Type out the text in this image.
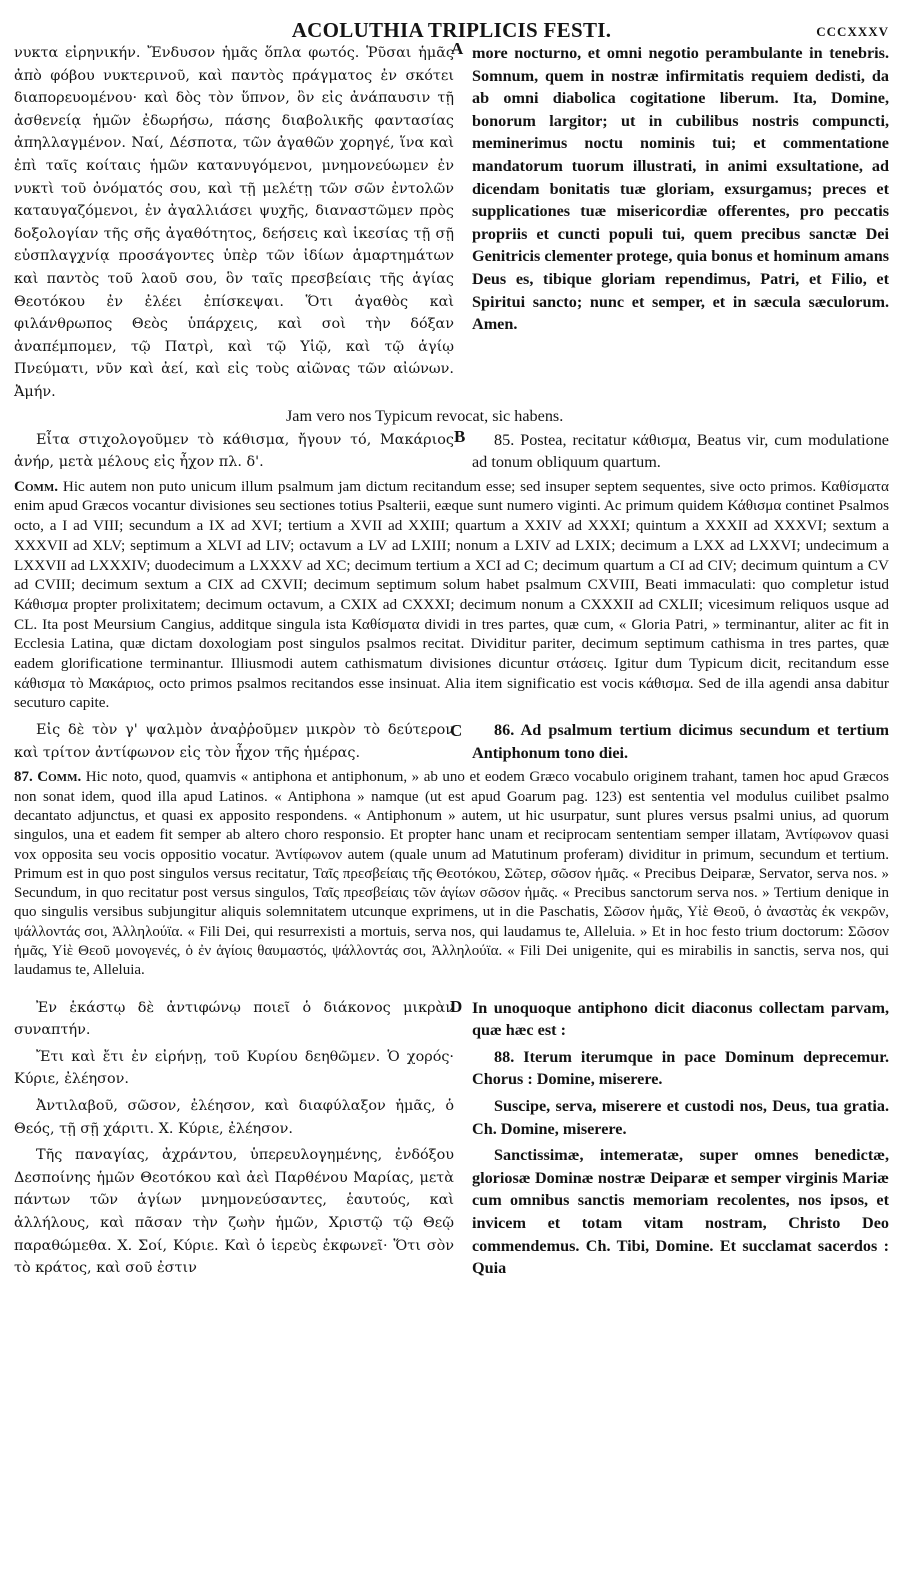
ACOLUTHIA TRIPLICIS FESTI.	CCCXXXV

νυκτα εἰρηνικήν. Ἔνδυσον ἡμᾶς ὅπλα φωτός. Ῥῦσαι ἡμᾶς ἀπὸ φόβου νυκτερινοῦ, καὶ παντὸς πράγματος ἐν σκότει διαπορευομένου· καὶ δὸς τὸν ὕπνον, ὃν εἰς ἀνάπαυσιν τῇ ἀσθενείᾳ ἡμῶν ἐδωρήσω, πάσης διαβολικῆς φαντασίας ἀπηλλαγμένον. Ναί, Δέσποτα, τῶν ἀγαθῶν χορηγέ, ἵνα καὶ ἐπὶ ταῖς κοίταις ἡμῶν κατανυγόμενοι, μνημονεύωμεν ἐν νυκτὶ τοῦ ὀνόματός σου, καὶ τῇ μελέτῃ τῶν σῶν ἐντολῶν καταυγαζόμενοι, ἐν ἀγαλλιάσει ψυχῆς, διαναστῶμεν πρὸς δοξολογίαν τῆς σῆς ἀγαθότητος, δεήσεις καὶ ἱκεσίας τῇ σῇ εὐσπλαγχνίᾳ προσάγοντες ὑπὲρ τῶν ἰδίων ἁμαρτημάτων καὶ παντὸς τοῦ λαοῦ σου, ὃν ταῖς πρεσβείαις τῆς ἁγίας Θεοτόκου ἐν ἐλέει ἐπίσκεψαι. Ὅτι ἀγαθὸς καὶ φιλάνθρωπος Θεὸς ὑπάρχεις, καὶ σοὶ τὴν δόξαν ἀναπέμπομεν, τῷ Πατρὶ, καὶ τῷ Υἱῷ, καὶ τῷ ἁγίῳ Πνεύματι, νῦν καὶ ἀεί, καὶ εἰς τοὺς αἰῶνας τῶν αἰώνων. Ἀμήν.

more nocturno, et omni negotio perambulante in tenebris. Somnum, quem in nostræ infirmitatis requiem dedisti, da ab omni diabolica cogitatione liberum. Ita, Domine, bonorum largitor; ut in cubilibus nostris compuncti, meminerimus noctu nominis tui; et commentatione mandatorum tuorum illustrati, in animi exsultatione, ad dicendam bonitatis tuæ gloriam, exsurgamus; preces et supplicationes tuæ misericordiæ offerentes, pro peccatis propriis et cuncti populi tui, quem precibus sanctæ Dei Genitricis clementer protege, quia bonus et hominum amans Deus es, tibique gloriam rependimus, Patri, et Filio, et Spiritui sancto; nunc et semper, et in sæcula sæculorum. Amen.

A
B
Jam vero nos Typicum revocat, sic habens.

Εἶτα στιχολογοῦμεν τὸ κάθισμα, ἤγουν τό, Μακάριος ἀνήρ, μετὰ μέλους εἰς ἦχον πλ. δ'.

85. Postea, recitatur κάθισμα, Beatus vir, cum modulatione ad tonum obliquum quartum.

Comm. Hic autem non puto unicum illum psalmum jam dictum recitandum esse; sed insuper septem sequentes, sive octo primos. Καθίσματα enim apud Græcos vocantur divisiones seu sectiones totius Psalterii, eæque sunt numero viginti. Ac primum quidem Κάθισμα continet Psalmos octo, a I ad VIII; secundum a IX ad XVI; tertium a XVII ad XXIII; quartum a XXIV ad XXXI; quintum a XXXII ad XXXVI; sextum a XXXVII ad XLV; septimum a XLVI ad LIV; octavum a LV ad LXIII; nonum a LXIV ad LXIX; decimum a LXX ad LXXVI; undecimum a LXXVII ad LXXXIV; duodecimum a LXXXV ad XC; decimum tertium a XCI ad C; decimum quartum a CI ad CIV; decimum quintum a CV ad CVIII; decimum sextum a CIX ad CXVII; decimum septimum solum habet psalmum CXVIII, Beati immaculati: quo completur istud Κάθισμα propter prolixitatem; decimum octavum, a CXIX ad CXXXI; decimum nonum a CXXXII ad CXLII; vicesimum reliquos usque ad CL. Ita post Meursium Cangius, additque singula ista Καθίσματα dividi in tres partes, quæ cum, « Gloria Patri, » terminantur, aliter ac fit in Ecclesia Latina, quæ dictam doxologiam post singulos psalmos recitat. Dividitur pariter, decimum septimum cathisma in tres partes, quæ eadem glorificatione terminantur. Illiusmodi autem cathismatum divisiones dicuntur στάσεις. Igitur dum Typicum dicit, recitandum esse κάθισμα τὸ Μακάριος, octo primos psalmos recitandos esse insinuat. Alia item significatio est vocis κάθισμα. Sed de illa agendi ansa dabitur secuturo capite.

Εἰς δὲ τὸν γ' ψαλμὸν ἀναῤῥοῦμεν μικρὸν τὸ δεύτερον καὶ τρίτον ἀντίφωνον εἰς τὸν ἦχον τῆς ἡμέρας.

86. Ad psalmum tertium dicimus secundum et tertium Antiphonum tono diei.

C
87. Comm. Hic noto, quod, quamvis « antiphona et antiphonum, » ab uno et eodem Græco vocabulo originem trahant, tamen hoc apud Græcos non sonat idem, quod illa apud Latinos. « Antiphona » namque (ut est apud Goarum pag. 123) est sententia vel modulus cuilibet psalmo decantato adjunctus, et quasi ex apposito respondens. « Antiphonum » autem, ut hic usurpatur, sunt plures versus psalmi unius, ad quorum singulos, una et eadem fit semper ab altero choro responsio. Et propter hanc unam et reciprocam sententiam semper illatam, Ἀντίφωνον quasi vox opposita seu vocis oppositio vocatur. Ἀντίφωνον autem (quale unum ad Matutinum proferam) dividitur in primum, secundum et tertium. Primum est in quo post singulos versus recitatur, Ταῖς πρεσβείαις τῆς Θεοτόκου, Σῶτερ, σῶσον ἡμᾶς. « Precibus Deiparæ, Servator, serva nos. » Secundum, in quo recitatur post versus singulos, Ταῖς πρεσβείαις τῶν ἁγίων σῶσον ἡμᾶς. « Precibus sanctorum serva nos. » Tertium denique in quo singulis versibus subjungitur aliquis solemnitatem utcunque exprimens, ut in die Paschatis, Σῶσον ἡμᾶς, Υἱὲ Θεοῦ, ὁ ἀναστὰς ἐκ νεκρῶν, ψάλλοντάς σοι, Ἀλληλούϊα. « Fili Dei, qui resurrexisti a mortuis, serva nos, qui laudamus te, Alleluia. » Et in hoc festo trium doctorum: Σῶσον ἡμᾶς, Υἱὲ Θεοῦ μονογενές, ὁ ἐν ἁγίοις θαυμαστός, ψάλλοντάς σοι, Ἀλληλούϊα. « Fili Dei unigenite, qui es mirabilis in sanctis, serva nos, qui laudamus te, Alleluia.

Ἐν ἑκάστῳ δὲ ἀντιφώνῳ ποιεῖ ὁ διάκονος μικρὰν συναπτήν.

Ἔτι καὶ ἔτι ἐν εἰρήνῃ, τοῦ Κυρίου δεηθῶμεν. Ὁ χορός· Κύριε, ἐλέησον.

Ἀντιλαβοῦ, σῶσον, ἐλέησον, καὶ διαφύλαξον ἡμᾶς, ὁ Θεός, τῇ σῇ χάριτι. Χ. Κύριε, ἐλέησον.

Τῆς παναγίας, ἀχράντου, ὑπερευλογημένης, ἐνδόξου Δεσποίνης ἡμῶν Θεοτόκου καὶ ἀεὶ Παρθένου Μαρίας, μετὰ πάντων τῶν ἁγίων μνημονεύσαντες, ἑαυτούς, καὶ ἀλλήλους, καὶ πᾶσαν τὴν ζωὴν ἡμῶν, Χριστῷ τῷ Θεῷ παραθώμεθα. Χ. Σοί, Κύριε. Καὶ ὁ ἱερεὺς ἐκφωνεῖ· Ὅτι σὸν τὸ κράτος, καὶ σοῦ ἐστιν

In unoquoque antiphono dicit diaconus collectam parvam, quæ hæc est :

88. Iterum iterumque in pace Dominum deprecemur. Chorus : Domine, miserere.

Suscipe, serva, miserere et custodi nos, Deus, tua gratia. Ch. Domine, miserere.

Sanctissimæ, intemeratæ, super omnes benedictæ, gloriosæ Dominæ nostræ Deiparæ et semper virginis Mariæ cum omnibus sanctis memoriam recolentes, nos ipsos, et invicem et totam vitam nostram, Christo Deo commendemus. Ch. Tibi, Domine. Et succlamat sacerdos : Quia

D
